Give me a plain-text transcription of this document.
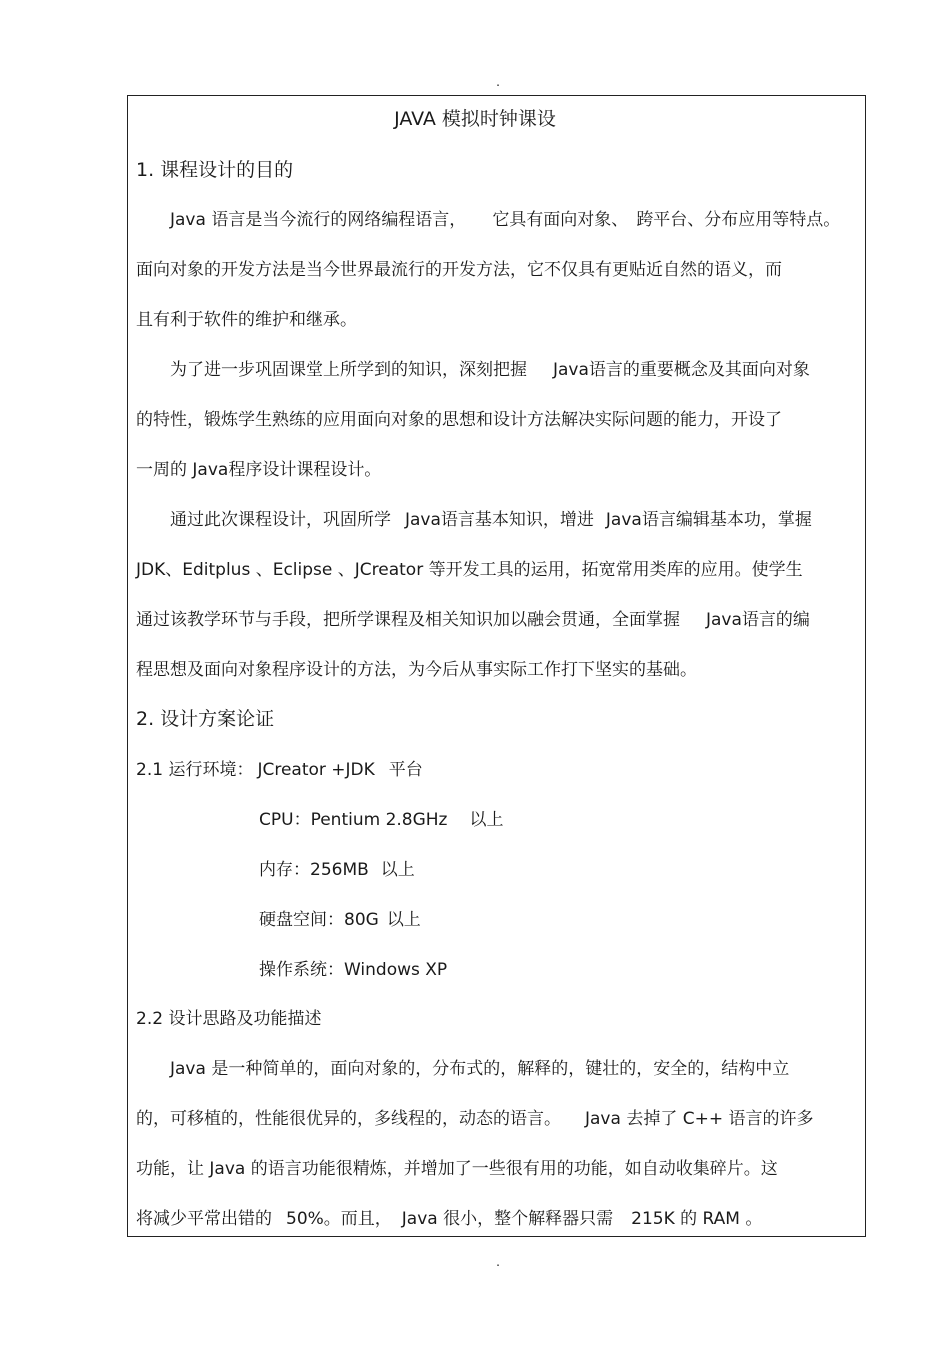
.
JAVA 模拟时钟课设
1. 课程设计的目的
Java 语言是当今流行的网络编程语言， 它具有面向对象、 跨平台、分布应用等特点。
面向对象的开发方法是当今世界最流行的开发方法，它不仅具有更贴近自然的语义，而
且有利于软件的维护和继承。
为了进一步巩固课堂上所学到的知识，深刻把握 Java语言的重要概念及其面向对象
的特性，锻炼学生熟练的应用面向对象的思想和设计方法解决实际问题的能力，开设了
一周的 Java程序设计课程设计。
通过此次课程设计，巩固所学 Java语言基本知识，增进 Java语言编辑基本功，掌握
JDK、Editplus 、Eclipse 、JCreator 等开发工具的运用，拓宽常用类库的应用。使学生
通过该教学环节与手段，把所学课程及相关知识加以融会贯通，全面掌握 Java语言的编
程思想及面向对象程序设计的方法，为今后从事实际工作打下坚实的基础。
2. 设计方案论证
2.1 运行环境： JCreator +JDK 平台
CPU：Pentium 2.8GHz 以上
内存：256MB 以上
硬盘空间：80G 以上
操作系统：Windows XP
2.2 设计思路及功能描述
Java 是一种简单的，面向对象的，分布式的，解释的，键壮的，安全的，结构中立
的，可移植的，性能很优异的，多线程的，动态的语言。 Java 去掉了 C++ 语言的许多
功能，让 Java 的语言功能很精炼，并增加了一些很有用的功能，如自动收集碎片。这
将减少平常出错的 50%。而且， Java 很小，整个解释器只需 215K 的 RAM 。
.
